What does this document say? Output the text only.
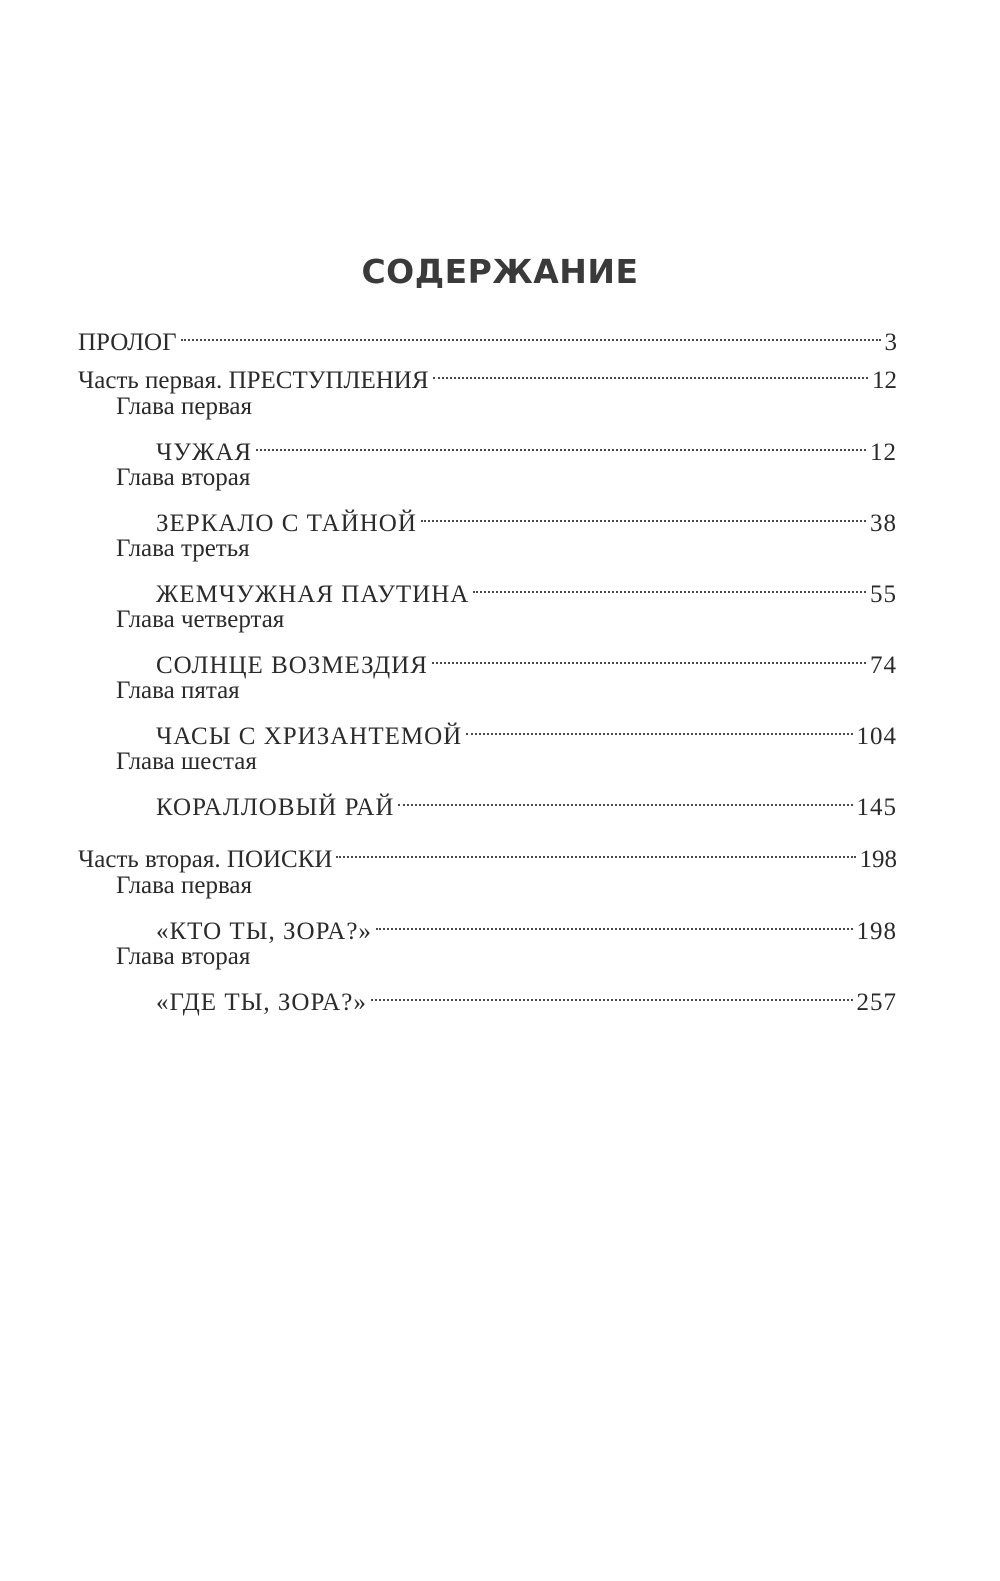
СОДЕРЖАНИЕ
ПРОЛОГ	3
Часть первая. ПРЕСТУПЛЕНИЯ	12
Глава первая
ЧУЖАЯ	12
Глава вторая
ЗЕРКАЛО С ТАЙНОЙ	38
Глава третья
ЖЕМЧУЖНАЯ ПАУТИНА	55
Глава четвертая
СОЛНЦЕ ВОЗМЕЗДИЯ	74
Глава пятая
ЧАСЫ С ХРИЗАНТЕМОЙ	104
Глава шестая
КОРАЛЛОВЫЙ РАЙ	145
Часть вторая. ПОИСКИ	198
Глава первая
«КТО ТЫ, ЗОРА?»	198
Глава вторая
«ГДЕ ТЫ, ЗОРА?»	257
